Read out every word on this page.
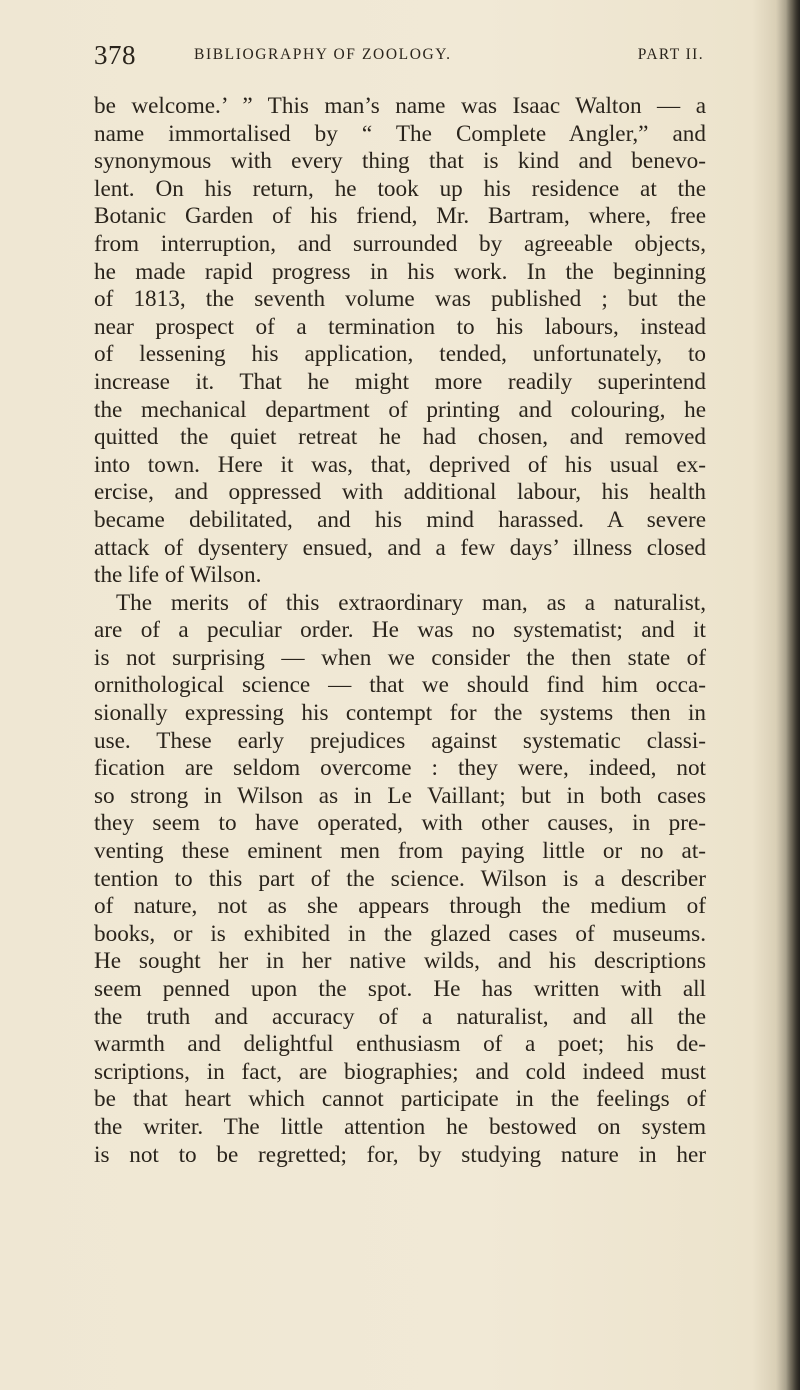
378	BIBLIOGRAPHY OF ZOOLOGY.	PART II.
be welcome.’ ” This man’s name was Isaac Walton — a
name immortalised by “ The Complete Angler,” and
synonymous with every thing that is kind and benevo-
lent. On his return, he took up his residence at the
Botanic Garden of his friend, Mr. Bartram, where, free
from interruption, and surrounded by agreeable objects,
he made rapid progress in his work. In the beginning
of 1813, the seventh volume was published ; but the
near prospect of a termination to his labours, instead
of lessening his application, tended, unfortunately, to
increase it. That he might more readily superintend
the mechanical department of printing and colouring, he
quitted the quiet retreat he had chosen, and removed
into town. Here it was, that, deprived of his usual ex-
ercise, and oppressed with additional labour, his health
became debilitated, and his mind harassed. A severe
attack of dysentery ensued, and a few days’ illness closed
the life of Wilson.
The merits of this extraordinary man, as a naturalist,
are of a peculiar order. He was no systematist; and it
is not surprising — when we consider the then state of
ornithological science — that we should find him occa-
sionally expressing his contempt for the systems then in
use. These early prejudices against systematic classi-
fication are seldom overcome : they were, indeed, not
so strong in Wilson as in Le Vaillant; but in both cases
they seem to have operated, with other causes, in pre-
venting these eminent men from paying little or no at-
tention to this part of the science. Wilson is a describer
of nature, not as she appears through the medium of
books, or is exhibited in the glazed cases of museums.
He sought her in her native wilds, and his descriptions
seem penned upon the spot. He has written with all
the truth and accuracy of a naturalist, and all the
warmth and delightful enthusiasm of a poet; his de-
scriptions, in fact, are biographies; and cold indeed must
be that heart which cannot participate in the feelings of
the writer. The little attention he bestowed on system
is not to be regretted; for, by studying nature in her
